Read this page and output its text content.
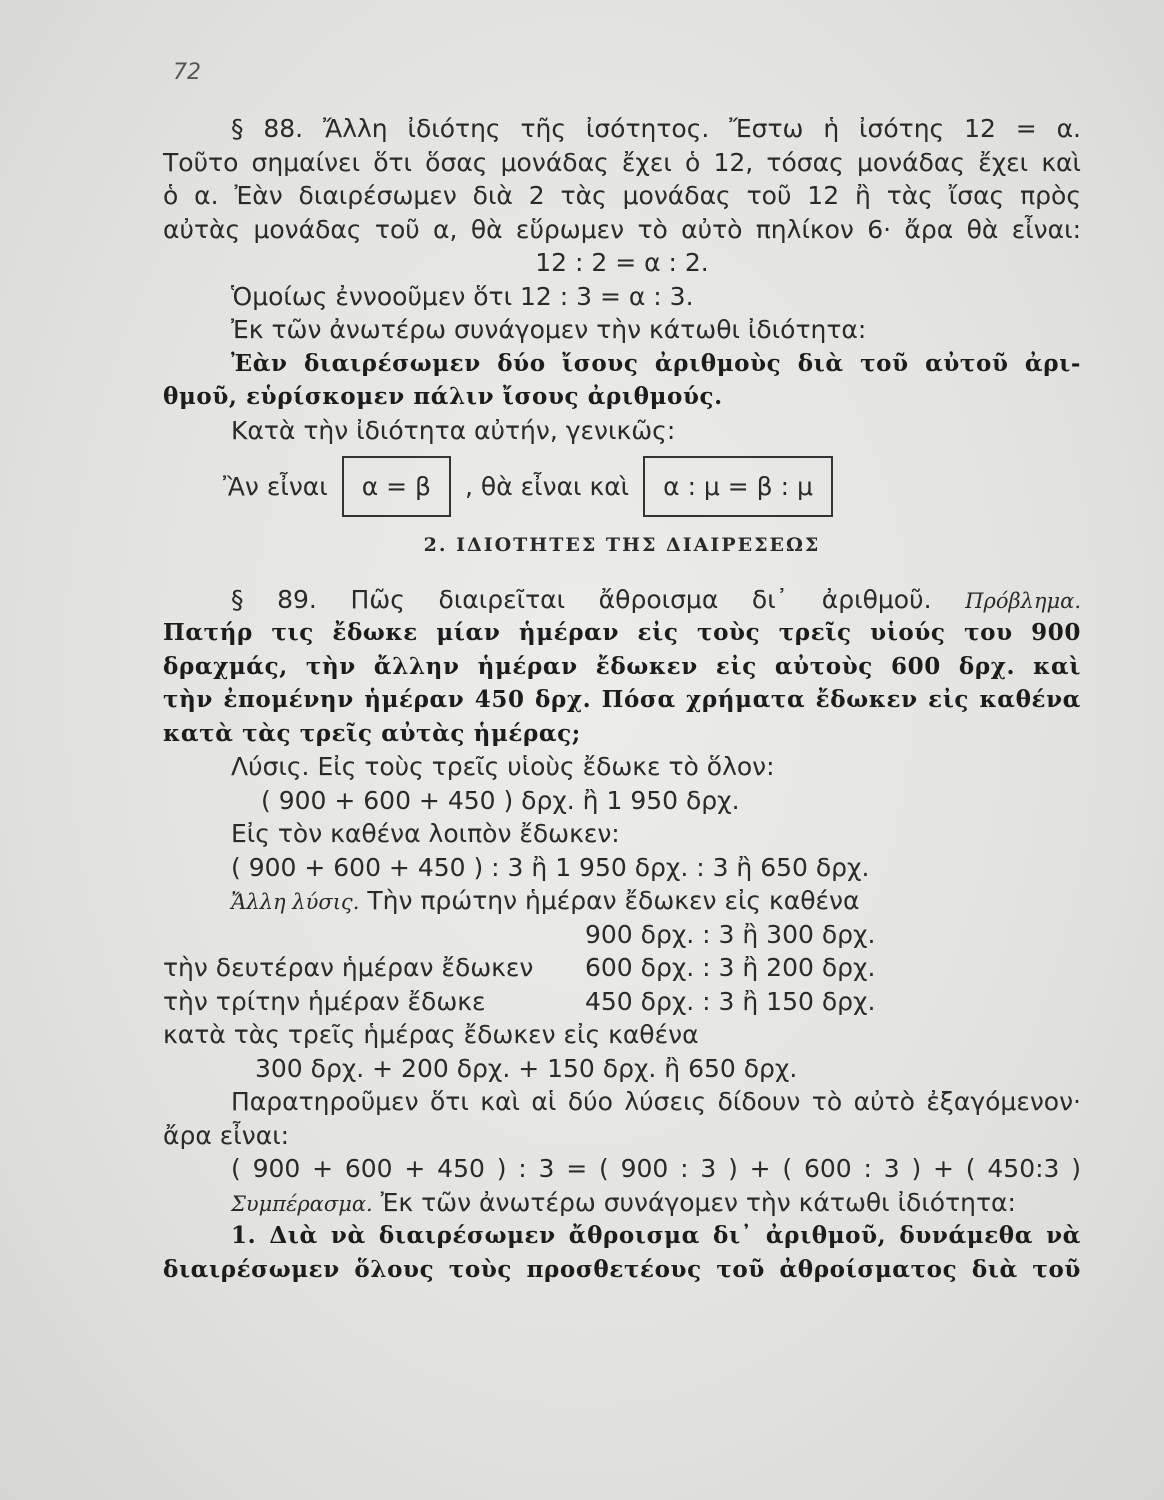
72
§ 88. Ἄλλη ἰδιότης τῆς ἰσότητος. Ἔστω ἡ ἰσότης 12 = α.
Τοῦτο σημαίνει ὅτι ὅσας μονάδας ἔχει ὁ 12, τόσας μονάδας ἔχει καὶ
ὁ α. Ἐὰν διαιρέσωμεν διὰ 2 τὰς μονάδας τοῦ 12 ἢ τὰς ἴσας πρὸς
αὐτὰς μονάδας τοῦ α, θὰ εὕρωμεν τὸ αὐτὸ πηλίκον 6· ἄρα θὰ εἶναι:
12 : 2 = α : 2.
Ὁμοίως ἐννοοῦμεν ὅτι 12 : 3 = α : 3.
Ἐκ τῶν ἀνωτέρω συνάγομεν τὴν κάτωθι ἰδιότητα:
Ἐὰν διαιρέσωμεν δύο ἴσους ἀριθμοὺς διὰ τοῦ αὐτοῦ ἀρι-
θμοῦ, εὑρίσκομεν πάλιν ἴσους ἀριθμούς.
Κατὰ τὴν ἰδιότητα αὐτήν, γενικῶς:
Ἂν εἶναι	α = β	, θὰ εἶναι καὶ	α : μ = β : μ
2. ΙΔΙΟΤΗΤΕΣ ΤΗΣ ΔΙΑΙΡΕΣΕΩΣ
§ 89. Πῶς διαιρεῖται ἄθροισμα δι᾽ ἀριθμοῦ. Πρόβλημα.
Πατήρ τις ἔδωκε μίαν ἡμέραν εἰς τοὺς τρεῖς υἱούς του 900
δραχμάς, τὴν ἄλλην ἡμέραν ἔδωκεν εἰς αὐτοὺς 600 δρχ. καὶ
τὴν ἐπομένην ἡμέραν 450 δρχ. Πόσα χρήματα ἔδωκεν εἰς καθένα
κατὰ τὰς τρεῖς αὐτὰς ἡμέρας;
Λύσις. Εἰς τοὺς τρεῖς υἱοὺς ἔδωκε τὸ ὅλον:
( 900 + 600 + 450 ) δρχ. ἢ 1 950 δρχ.
Εἰς τὸν καθένα λοιπὸν ἔδωκεν:
( 900 + 600 + 450 ) : 3 ἢ 1 950 δρχ. : 3 ἢ 650 δρχ.
Ἄλλη λύσις. Τὴν πρώτην ἡμέραν ἔδωκεν εἰς καθένα
900 δρχ. : 3 ἢ 300 δρχ.
τὴν δευτέραν ἡμέραν ἔδωκεν 600 δρχ. : 3 ἢ 200 δρχ.
τὴν τρίτην ἡμέραν ἔδωκε	450 δρχ. : 3 ἢ 150 δρχ.
κατὰ τὰς τρεῖς ἡμέρας ἔδωκεν εἰς καθένα
300 δρχ. + 200 δρχ. + 150 δρχ. ἢ 650 δρχ.
Παρατηροῦμεν ὅτι καὶ αἱ δύο λύσεις δίδουν τὸ αὐτὸ ἐξαγόμενον·
ἄρα εἶναι:
( 900 + 600 + 450 ) : 3 = ( 900 : 3 ) + ( 600 : 3 ) + ( 450:3 )
Συμπέρασμα. Ἐκ τῶν ἀνωτέρω συνάγομεν τὴν κάτωθι ἰδιότητα:
1. Διὰ νὰ διαιρέσωμεν ἄθροισμα δι᾽ ἀριθμοῦ, δυνάμεθα νὰ
διαιρέσωμεν ὅλους τοὺς προσθετέους τοῦ ἀθροίσματος διὰ τοῦ
